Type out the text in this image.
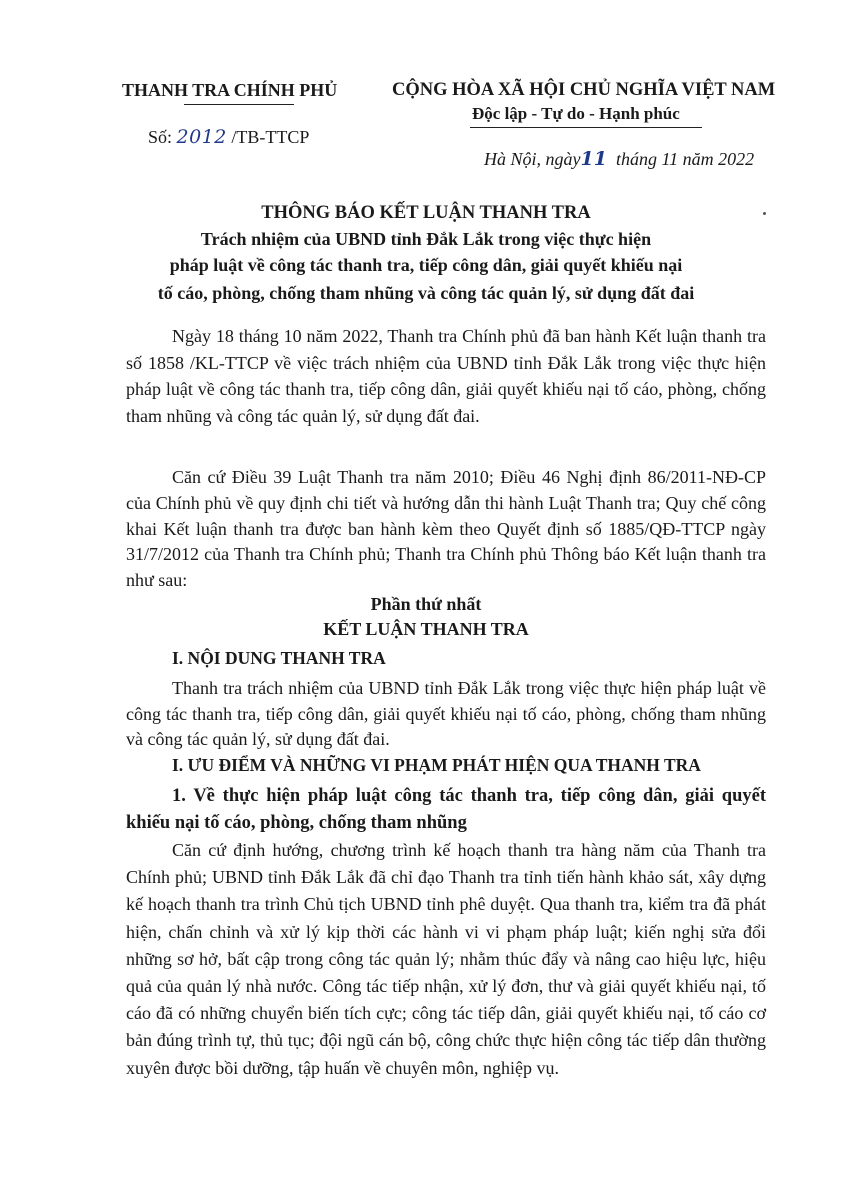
THANH TRA CHÍNH PHỦ	CỘNG HÒA XÃ HỘI CHỦ NGHĨA VIỆT NAM
Độc lập - Tự do - Hạnh phúc
Số: 2012 /TB-TTCP
Hà Nội, ngày11 tháng 11 năm 2022
THÔNG BÁO KẾT LUẬN THANH TRA
Trách nhiệm của UBND tỉnh Đắk Lắk trong việc thực hiện
pháp luật về công tác thanh tra, tiếp công dân, giải quyết khiếu nại
tố cáo, phòng, chống tham nhũng và công tác quản lý, sử dụng đất đai

Ngày 18 tháng 10 năm 2022, Thanh tra Chính phủ đã ban hành Kết luận thanh tra số 1858 /KL-TTCP về việc trách nhiệm của UBND tỉnh Đắk Lắk trong việc thực hiện pháp luật về công tác thanh tra, tiếp công dân, giải quyết khiếu nại tố cáo, phòng, chống tham nhũng và công tác quản lý, sử dụng đất đai.

Căn cứ Điều 39 Luật Thanh tra năm 2010; Điều 46 Nghị định 86/2011-NĐ-CP của Chính phủ về quy định chi tiết và hướng dẫn thi hành Luật Thanh tra; Quy chế công khai Kết luận thanh tra được ban hành kèm theo Quyết định số 1885/QĐ-TTCP ngày 31/7/2012 của Thanh tra Chính phủ; Thanh tra Chính phủ Thông báo Kết luận thanh tra như sau:

Phần thứ nhất
KẾT LUẬN THANH TRA
I. NỘI DUNG THANH TRA

Thanh tra trách nhiệm của UBND tỉnh Đắk Lắk trong việc thực hiện pháp luật về công tác thanh tra, tiếp công dân, giải quyết khiếu nại tố cáo, phòng, chống tham nhũng và công tác quản lý, sử dụng đất đai.

I. ƯU ĐIỂM VÀ NHỮNG VI PHẠM PHÁT HIỆN QUA THANH TRA

1. Về thực hiện pháp luật công tác thanh tra, tiếp công dân, giải quyết khiếu nại tố cáo, phòng, chống tham nhũng

Căn cứ định hướng, chương trình kế hoạch thanh tra hàng năm của Thanh tra Chính phủ; UBND tỉnh Đắk Lắk đã chỉ đạo Thanh tra tỉnh tiến hành khảo sát, xây dựng kế hoạch thanh tra trình Chủ tịch UBND tỉnh phê duyệt. Qua thanh tra, kiểm tra đã phát hiện, chấn chỉnh và xử lý kịp thời các hành vi vi phạm pháp luật; kiến nghị sửa đổi những sơ hở, bất cập trong công tác quản lý; nhằm thúc đẩy và nâng cao hiệu lực, hiệu quả của quản lý nhà nước. Công tác tiếp nhận, xử lý đơn, thư và giải quyết khiếu nại, tố cáo đã có những chuyển biến tích cực; công tác tiếp dân, giải quyết khiếu nại, tố cáo cơ bản đúng trình tự, thủ tục; đội ngũ cán bộ, công chức thực hiện công tác tiếp dân thường xuyên được bồi dưỡng, tập huấn về chuyên môn, nghiệp vụ.
